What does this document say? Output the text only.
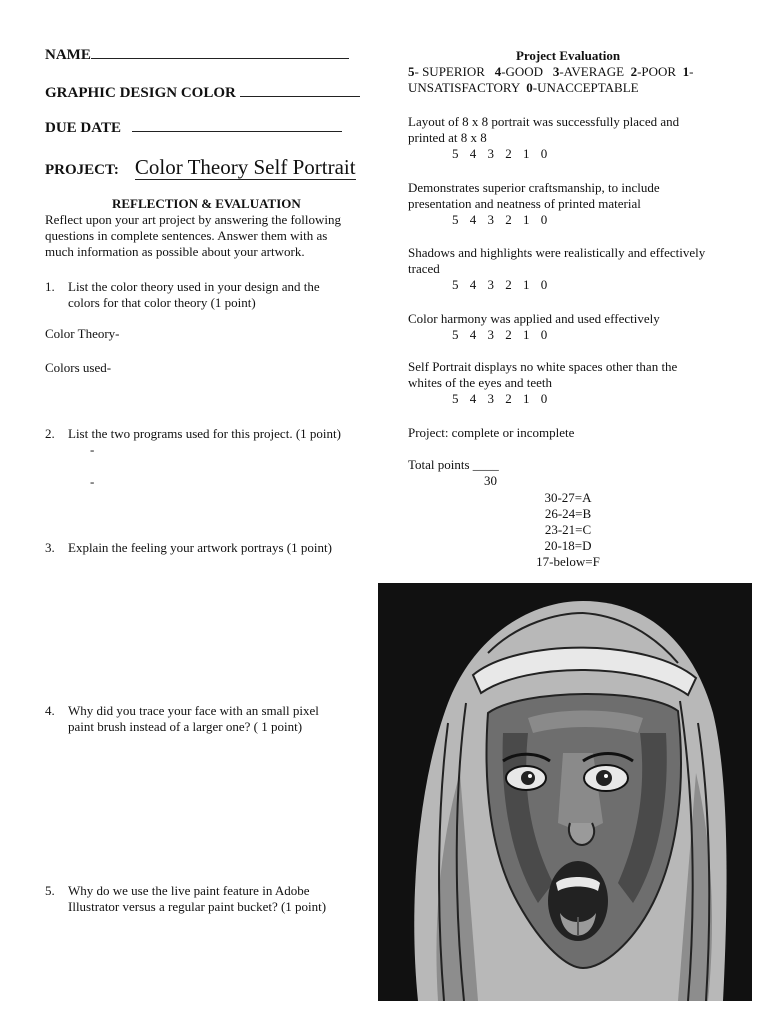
NAME
GRAPHIC DESIGN COLOR
DUE DATE
PROJECT: Color Theory Self Portrait
REFLECTION & EVALUATION
Reflect upon your art project by answering the following
questions in complete sentences. Answer them with as
much information as possible about your artwork.
1. List the color theory used in your design and the
colors for that color theory (1 point)
Color Theory-
Colors used-
2. List the two programs used for this project. (1 point)
-
-
3. Explain the feeling your artwork portrays (1 point)
4. Why did you trace your face with an small pixel
paint brush instead of a larger one? ( 1 point)
5. Why do we use the live paint feature in Adobe
Illustrator versus a regular paint bucket? (1 point)
Project Evaluation
5- SUPERIOR   4-GOOD   3-AVERAGE  2-POOR  1-
UNSATISFACTORY  0-UNACCEPTABLE
Layout of 8 x 8 portrait was successfully placed and
printed at 8 x 8
5 4 3 2 1 0
Demonstrates superior craftsmanship, to include
presentation and neatness of printed material
5 4 3 2 1 0
Shadows and highlights were realistically and effectively
traced
5 4 3 2 1 0
Color harmony was applied and used effectively
5 4 3 2 1 0
Self Portrait displays no white spaces other than the
whites of the eyes and teeth
5 4 3 2 1 0
Project: complete or incomplete
Total points ____
30
30-27=A
26-24=B
23-21=C
20-18=D
17-below=F
